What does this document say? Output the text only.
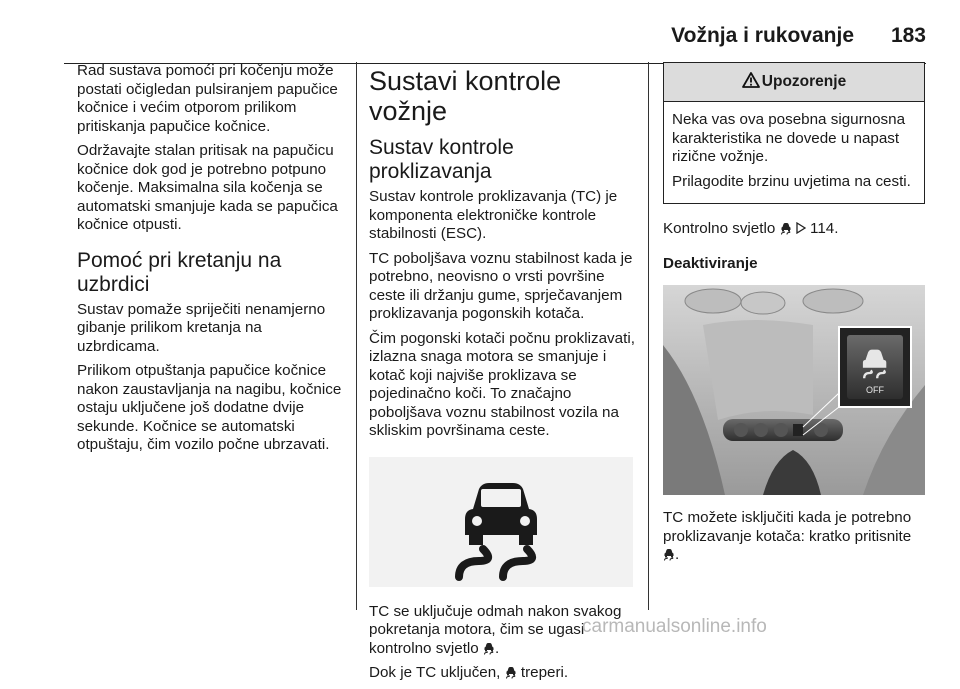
Vožnja i rukovanje 183

Rad sustava pomoći pri kočenju može postati očigledan pulsiranjem papučice kočnice i većim otporom prilikom pritiskanja papučice kočnice.

Održavajte stalan pritisak na papučicu kočnice dok god je potrebno potpuno kočenje. Maksimalna sila kočenja se automatski smanjuje kada se papučica kočnice otpusti.

Pomoć pri kretanju na uzbrdici

Sustav pomaže spriječiti nenamjerno gibanje prilikom kretanja na uzbrdicama.

Prilikom otpuštanja papučice kočnice nakon zaustavljanja na nagibu, kočnice ostaju uključene još dodatne dvije sekunde. Kočnice se automatski otpuštaju, čim vozilo počne ubrzavati.

Sustavi kontrole vožnje
Sustav kontrole proklizavanja

Sustav kontrole proklizavanja (TC) je komponenta elektroničke kontrole stabilnosti (ESC).

TC poboljšava voznu stabilnost kada je potrebno, neovisno o vrsti površine ceste ili držanju gume, sprječavanjem proklizavanja pogonskih kotača.

Čim pogonski kotači počnu proklizavati, izlazna snaga motora se smanjuje i kotač koji najviše proklizava se pojedinačno koči. To značajno poboljšava voznu stabilnost vozila na skliskim površinama ceste.

TC se uključuje odmah nakon svakog pokretanja motora, čim se ugasi kontrolno svjetlo .

Dok je TC uključen, treperi.

Upozorenje

Neka vas ova posebna sigurnosna karakteristika ne dovede u napast rizične vožnje.

Prilagodite brzinu uvjetima na cesti.

Kontrolno svjetlo 114.

Deaktiviranje
OFF

TC možete isključiti kada je potrebno proklizavanje kotača: kratko pritisnite .

carmanualsonline.info
